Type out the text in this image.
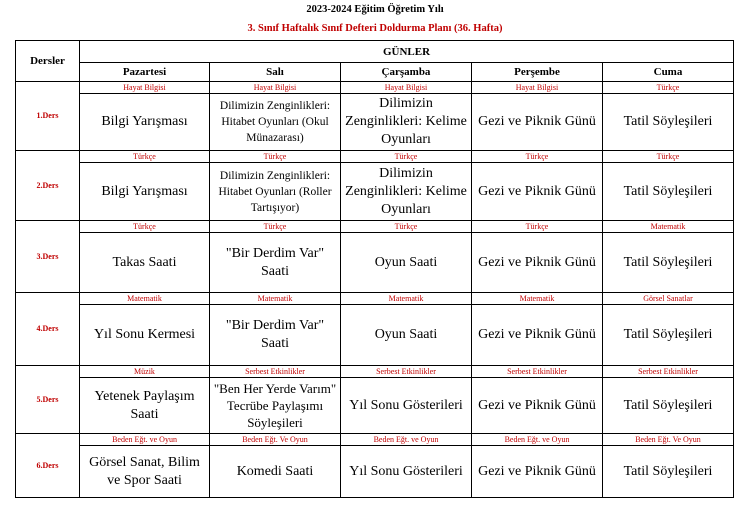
2023-2024 Eğitim Öğretim Yılı
3. Sınıf Haftalık Sınıf Defteri Doldurma Planı (36. Hafta)
Dersler	GÜNLER				
	Pazartesi	Salı	Çarşamba	Perşembe	Cuma
1.Ders	Hayat Bilgisi	Hayat Bilgisi	Hayat Bilgisi	Hayat Bilgisi	Türkçe
	Bilgi Yarışması	Dilimizin Zenginlikleri: Hitabet Oyunları (Okul Münazarası)	Dilimizin Zenginlikleri: Kelime Oyunları	Gezi ve Piknik Günü	Tatil Söyleşileri
2.Ders	Türkçe	Türkçe	Türkçe	Türkçe	Türkçe
	Bilgi Yarışması	Dilimizin Zenginlikleri: Hitabet Oyunları (Roller Tartışıyor)	Dilimizin Zenginlikleri: Kelime Oyunları	Gezi ve Piknik Günü	Tatil Söyleşileri
3.Ders	Türkçe	Türkçe	Türkçe	Türkçe	Matematik
	Takas Saati	"Bir Derdim Var" Saati	Oyun Saati	Gezi ve Piknik Günü	Tatil Söyleşileri
4.Ders	Matematik	Matematik	Matematik	Matematik	Görsel Sanatlar
	Yıl Sonu Kermesi	"Bir Derdim Var" Saati	Oyun Saati	Gezi ve Piknik Günü	Tatil Söyleşileri
5.Ders	Müzik	Serbest Etkinlikler	Serbest Etkinlikler	Serbest Etkinlikler	Serbest Etkinlikler
	Yetenek Paylaşım Saati	"Ben Her Yerde Varım" Tecrübe Paylaşımı Söyleşileri	Yıl Sonu Gösterileri	Gezi ve Piknik Günü	Tatil Söyleşileri
6.Ders	Beden Eğt. ve Oyun	Beden Eğt. Ve Oyun	Beden Eğt. ve Oyun	Beden Eğt. ve Oyun	Beden Eğt. Ve Oyun
	Görsel Sanat, Bilim ve Spor Saati	Komedi Saati	Yıl Sonu Gösterileri	Gezi ve Piknik Günü	Tatil Söyleşileri
